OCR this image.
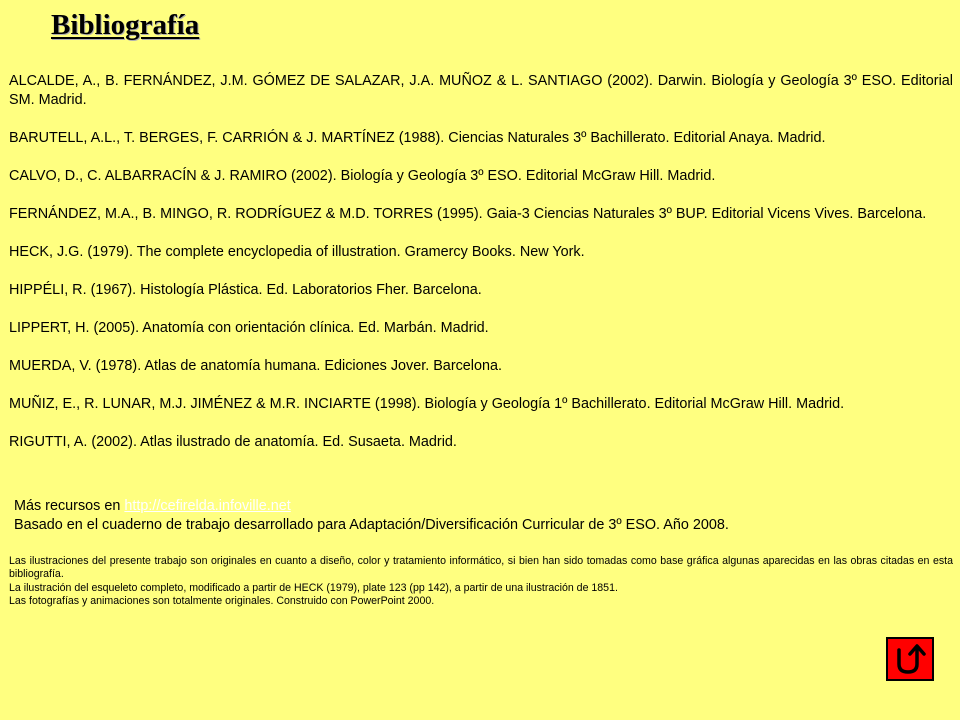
Bibliografía
ALCALDE, A., B. FERNÁNDEZ, J.M. GÓMEZ DE SALAZAR, J.A. MUÑOZ & L. SANTIAGO (2002). Darwin. Biología y Geología 3º ESO. Editorial SM. Madrid.
BARUTELL, A.L., T. BERGES, F. CARRIÓN & J. MARTÍNEZ (1988). Ciencias Naturales 3º Bachillerato. Editorial Anaya. Madrid.
CALVO, D., C. ALBARRACÍN & J. RAMIRO (2002). Biología y Geología 3º ESO. Editorial McGraw Hill. Madrid.
FERNÁNDEZ, M.A., B. MINGO, R. RODRÍGUEZ & M.D. TORRES (1995). Gaia-3 Ciencias Naturales 3º BUP. Editorial Vicens Vives. Barcelona.
HECK, J.G. (1979). The complete encyclopedia of illustration. Gramercy Books. New York.
HIPPÉLI, R. (1967). Histología Plástica. Ed. Laboratorios Fher. Barcelona.
LIPPERT, H. (2005). Anatomía con orientación clínica. Ed. Marbán. Madrid.
MUERDA, V. (1978). Atlas de anatomía humana. Ediciones Jover. Barcelona.
MUÑIZ, E., R. LUNAR, M.J. JIMÉNEZ & M.R. INCIARTE (1998). Biología y Geología 1º Bachillerato. Editorial McGraw Hill. Madrid.
RIGUTTI, A. (2002). Atlas ilustrado de anatomía. Ed. Susaeta. Madrid.
Más recursos en http://cefirelda.infoville.net
Basado en el cuaderno de trabajo desarrollado para Adaptación/Diversificación Curricular de 3º ESO. Año 2008.

Las ilustraciones del presente trabajo son originales en cuanto a diseño, color y tratamiento informático, si bien han sido tomadas como base gráfica algunas aparecidas en las obras citadas en esta bibliografía.

La ilustración del esqueleto completo, modificado a partir de HECK (1979), plate 123 (pp 142), a partir de una ilustración de 1851.

Las fotografías y animaciones son totalmente originales. Construido con PowerPoint 2000.
